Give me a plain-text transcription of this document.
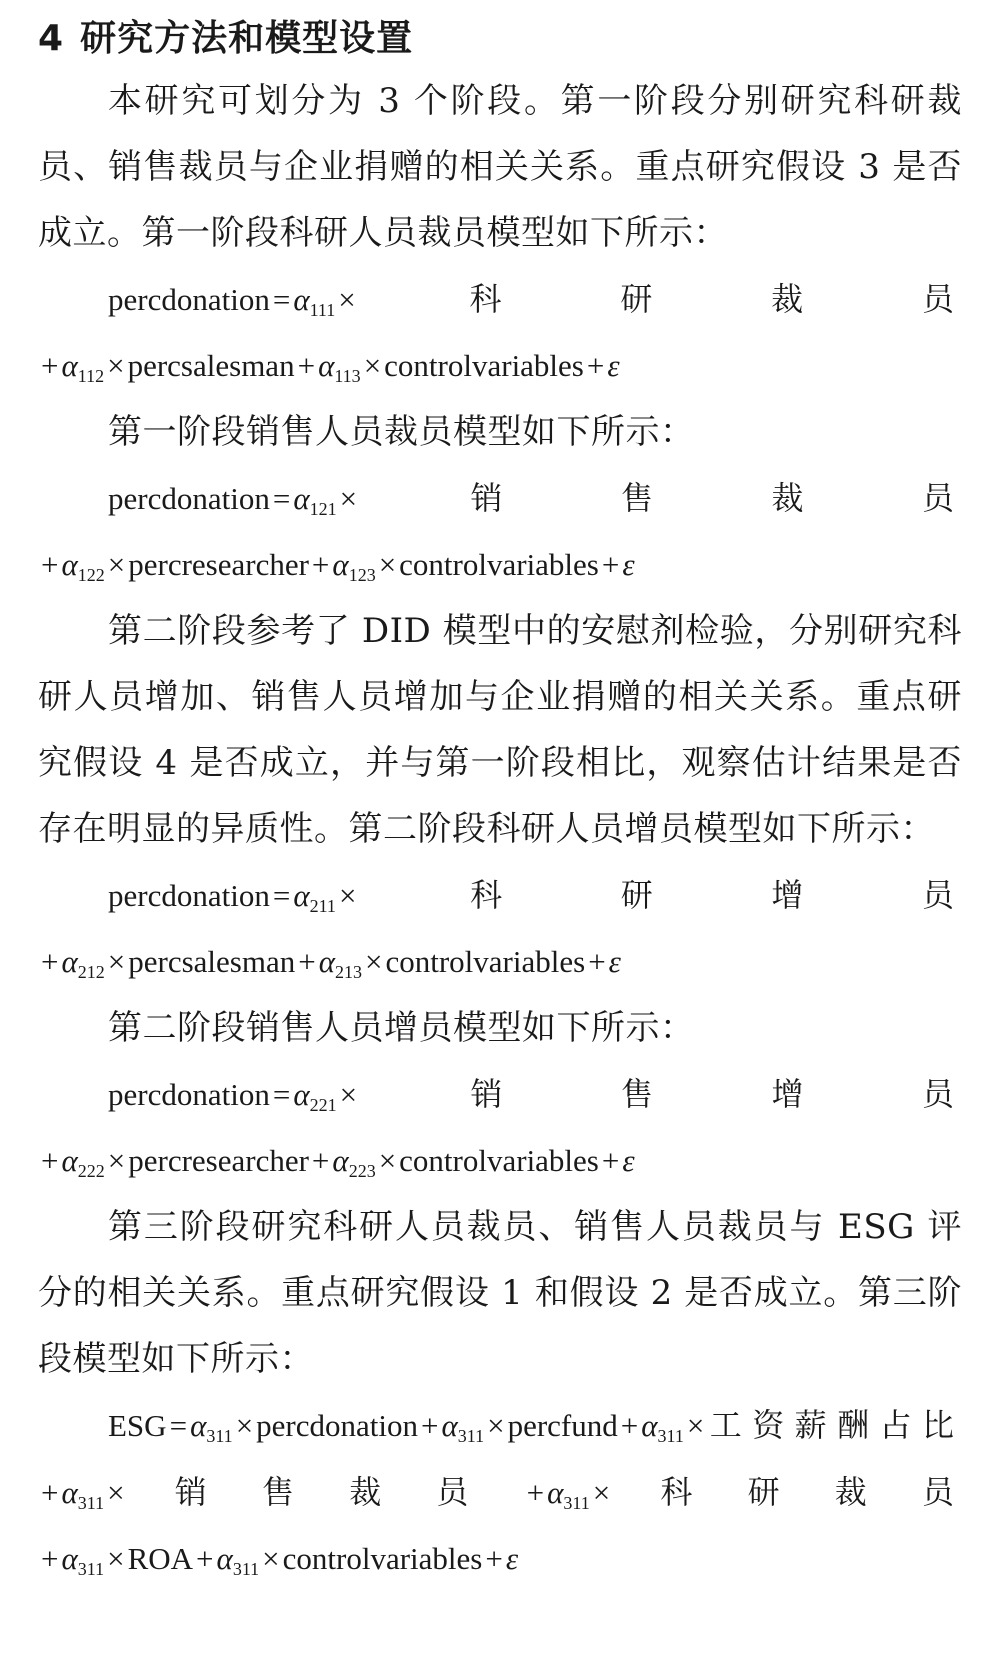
4 研究方法和模型设置

本研究可划分为 3 个阶段。第一阶段分别研究科研裁员、销售裁员与企业捐赠的相关关系。重点研究假设 3 是否成立。第一阶段科研人员裁员模型如下所示：

$percdonation=\alpha_{111}\times$科研裁员$+\alpha_{112}\times percsalesman+\alpha_{113}\times controlvariables+\varepsilon$

第一阶段销售人员裁员模型如下所示：

$percdonation=\alpha_{121}\times$销售裁员$+\alpha_{122}\times percresearcher+\alpha_{123}\times controlvariables+\varepsilon$

第二阶段参考了 DID 模型中的安慰剂检验，分别研究科研人员增加、销售人员增加与企业捐赠的相关关系。重点研究假设 4 是否成立，并与第一阶段相比，观察估计结果是否存在明显的异质性。第二阶段科研人员增员模型如下所示：

$percdonation=\alpha_{211}\times$科研增员$+\alpha_{212}\times percsalesman+\alpha_{213}\times controlvariables+\varepsilon$

第二阶段销售人员增员模型如下所示：

$percdonation=\alpha_{221}\times$销售增员$+\alpha_{222}\times percresearcher+\alpha_{223}\times controlvariables+\varepsilon$

第三阶段研究科研人员裁员、销售人员裁员与 ESG 评分的相关关系。重点研究假设 1 和假设 2 是否成立。第三阶段模型如下所示：

$ESG=\alpha_{311}\times percdonation+\alpha_{311}\times percfund+\alpha_{311}\times$工资薪酬占比$+\alpha_{311}\times$销售裁员$+\alpha_{311}\times$科研裁员$+\alpha_{311}\times ROA+\alpha_{311}\times controlvariables+\varepsilon$
